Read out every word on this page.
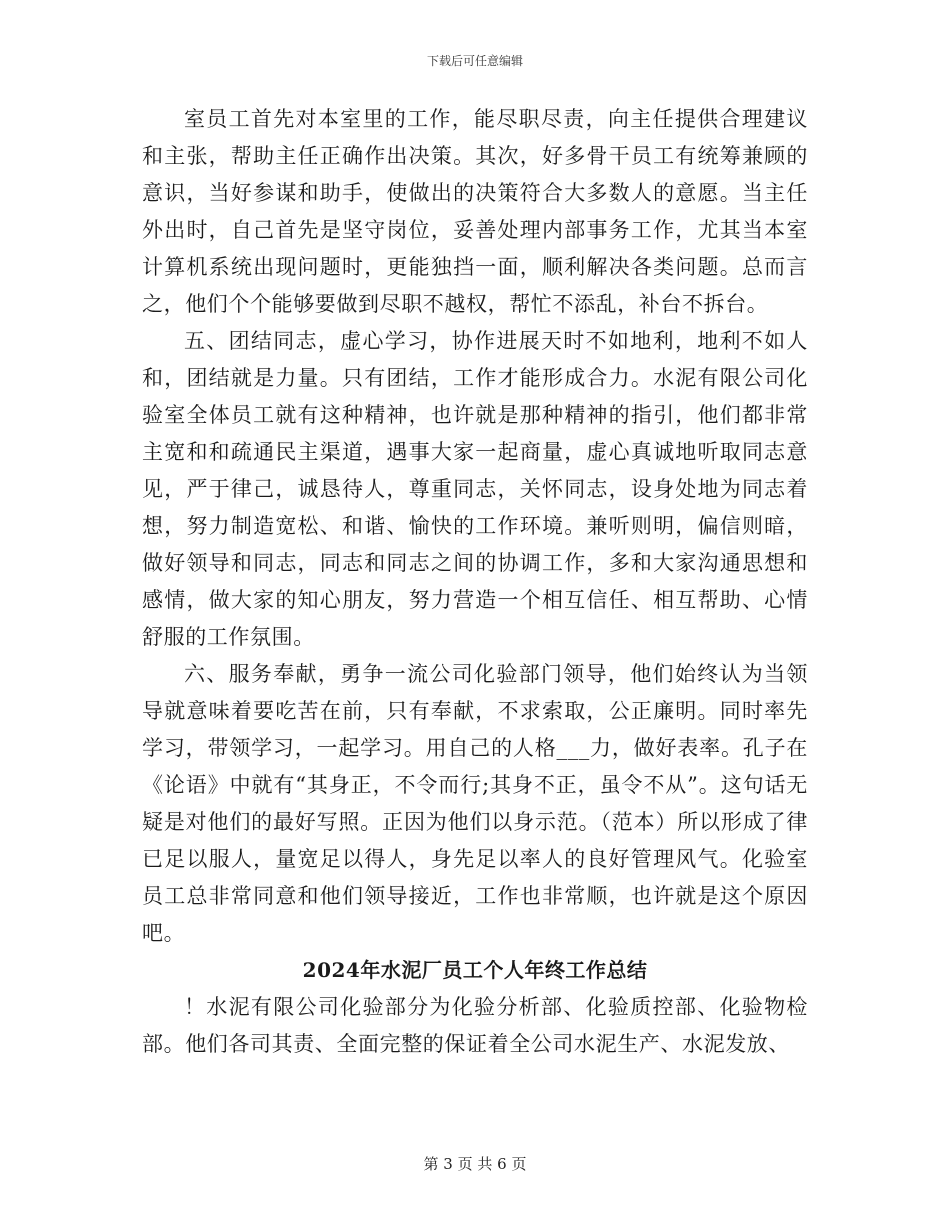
下载后可任意编辑

室员工首先对本室里的工作，能尽职尽责，向主任提供合理建议和主张，帮助主任正确作出决策。其次，好多骨干员工有统筹兼顾的意识，当好参谋和助手，使做出的决策符合大多数人的意愿。当主任外出时，自己首先是坚守岗位，妥善处理内部事务工作，尤其当本室计算机系统出现问题时，更能独挡一面，顺利解决各类问题。总而言之，他们个个能够要做到尽职不越权，帮忙不添乱，补台不拆台。

五、团结同志，虚心学习，协作进展天时不如地利，地利不如人和，团结就是力量。只有团结，工作才能形成合力。水泥有限公司化验室全体员工就有这种精神，也许就是那种精神的指引，他们都非常主宽和和疏通民主渠道，遇事大家一起商量，虚心真诚地听取同志意见，严于律己，诚恳待人，尊重同志，关怀同志，设身处地为同志着想，努力制造宽松、和谐、愉快的工作环境。兼听则明，偏信则暗，做好领导和同志，同志和同志之间的协调工作，多和大家沟通思想和感情，做大家的知心朋友，努力营造一个相互信任、相互帮助、心情舒服的工作氛围。

六、服务奉献，勇争一流公司化验部门领导，他们始终认为当领导就意味着要吃苦在前，只有奉献，不求索取，公正廉明。同时率先学习，带领学习，一起学习。用自己的人格___力，做好表率。孔子在《论语》中就有“其身正，不令而行;其身不正，虽令不从”。这句话无疑是对他们的最好写照。正因为他们以身示范。（范本）所以形成了律已足以服人，量宽足以得人，身先足以率人的良好管理风气。化验室员工总非常同意和他们领导接近，工作也非常顺，也许就是这个原因吧。

2024年水泥厂员工个人年终工作总结

！水泥有限公司化验部分为化验分析部、化验质控部、化验物检部。他们各司其责、全面完整的保证着全公司水泥生产、水泥发放、

第 3 页 共 6 页
